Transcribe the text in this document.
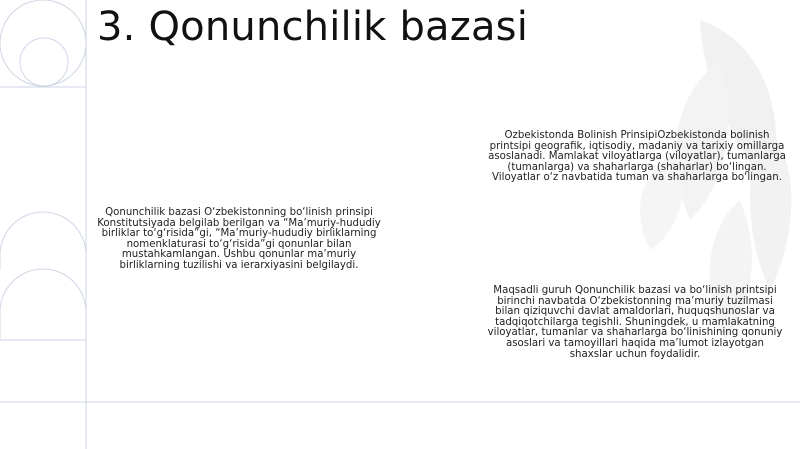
3. Qonunchilik bazasi
Qonunchilik bazasi O‘zbekistonning bo‘linish prinsipi Konstitutsiyada belgilab berilgan va “Ma’muriy-hududiy birliklar to‘g‘risida”gi, “Ma’muriy-hududiy birliklarning nomenklaturasi to‘g‘risida”gi qonunlar bilan mustahkamlangan. Ushbu qonunlar ma’muriy birliklarning tuzilishi va ierarxiyasini belgilaydi.
Ozbekistonda Bolinish PrinsipiOzbekistonda bolinish printsipi geografik, iqtisodiy, madaniy va tarixiy omillarga asoslanadi. Mamlakat viloyatlarga (viloyatlar), tumanlarga (tumanlarga) va shaharlarga (shaharlar) bo‘lingan. Viloyatlar o‘z navbatida tuman va shaharlarga bo‘lingan.
Maqsadli guruh Qonunchilik bazasi va bo‘linish printsipi birinchi navbatda O‘zbekistonning ma’muriy tuzilmasi bilan qiziquvchi davlat amaldorlari, huquqshunoslar va tadqiqotchilarga tegishli. Shuningdek, u mamlakatning viloyatlar, tumanlar va shaharlarga bo‘linishining qonuniy asoslari va tamoyillari haqida ma’lumot izlayotgan shaxslar uchun foydalidir.
